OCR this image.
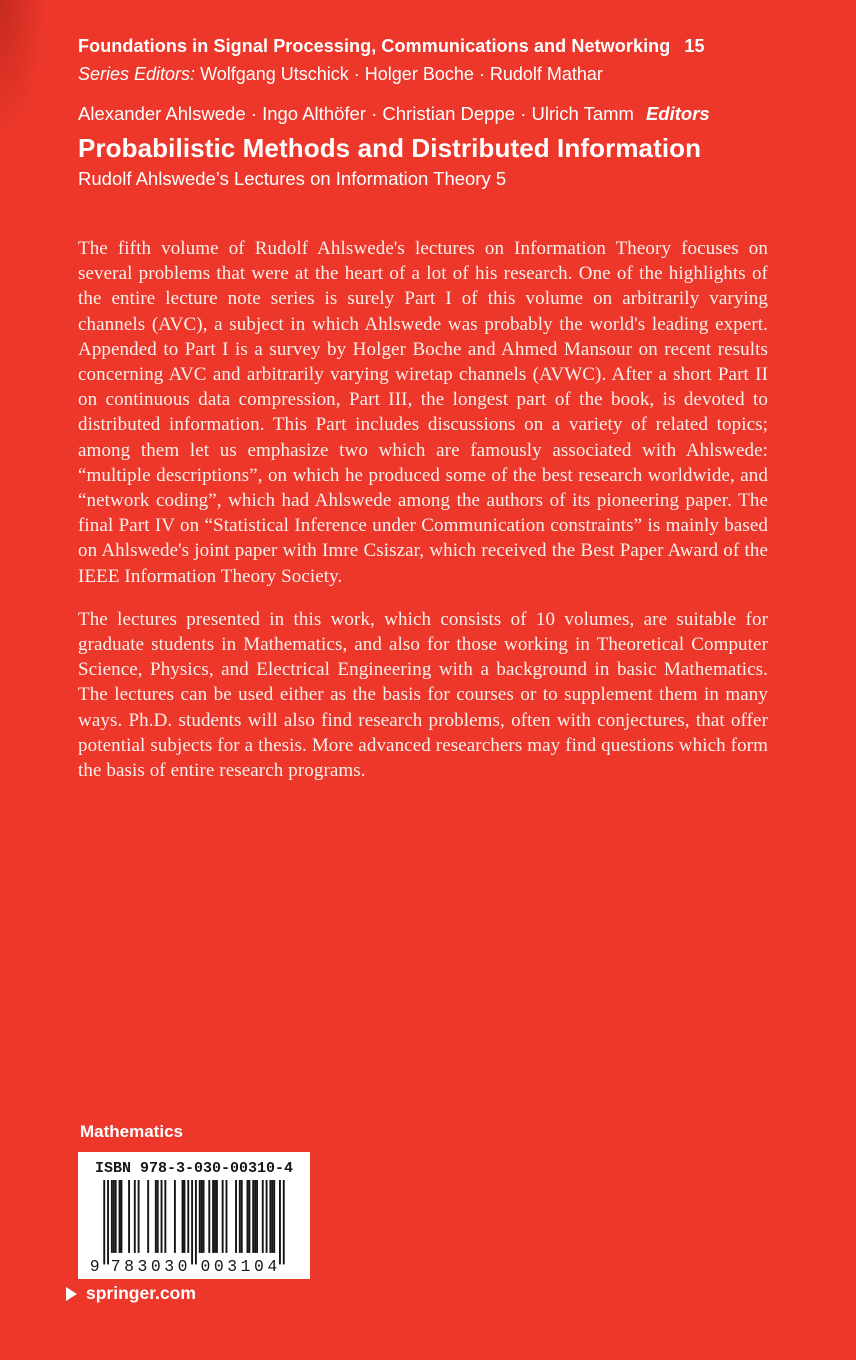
Foundations in Signal Processing, Communications and Networking 15
Series Editors: Wolfgang Utschick · Holger Boche · Rudolf Mathar
Alexander Ahlswede · Ingo Althöfer · Christian Deppe · Ulrich Tamm Editors
Probabilistic Methods and Distributed Information
Rudolf Ahlswede’s Lectures on Information Theory 5

The fifth volume of Rudolf Ahlswede's lectures on Information Theory focuses on several problems that were at the heart of a lot of his research. One of the highlights of the entire lecture note series is surely Part I of this volume on arbitrarily varying channels (AVC), a subject in which Ahlswede was probably the world's leading expert. Appended to Part I is a survey by Holger Boche and Ahmed Mansour on recent results concerning AVC and arbitrarily varying wiretap channels (AVWC). After a short Part II on continuous data compression, Part III, the longest part of the book, is devoted to distributed information. This Part includes discussions on a variety of related topics; among them let us emphasize two which are famously associated with Ahlswede: “multiple descriptions”, on which he produced some of the best research worldwide, and “network coding”, which had Ahlswede among the authors of its pioneering paper. The final Part IV on “Statistical Inference under Communication constraints” is mainly based on Ahlswede's joint paper with Imre Csiszar, which received the Best Paper Award of the IEEE Information Theory Society.

The lectures presented in this work, which consists of 10 volumes, are suitable for graduate students in Mathematics, and also for those working in Theoretical Computer Science, Physics, and Electrical Engineering with a background in basic Mathematics. The lectures can be used either as the basis for courses or to supplement them in many ways. Ph.D. students will also find research problems, often with conjectures, that offer potential subjects for a thesis. More advanced researchers may find questions which form the basis of entire research programs.

Mathematics
ISBN 978-3-030-00310-4
9 7 8 3 0 3 0 0 0 3 1 0 4
springer.com
